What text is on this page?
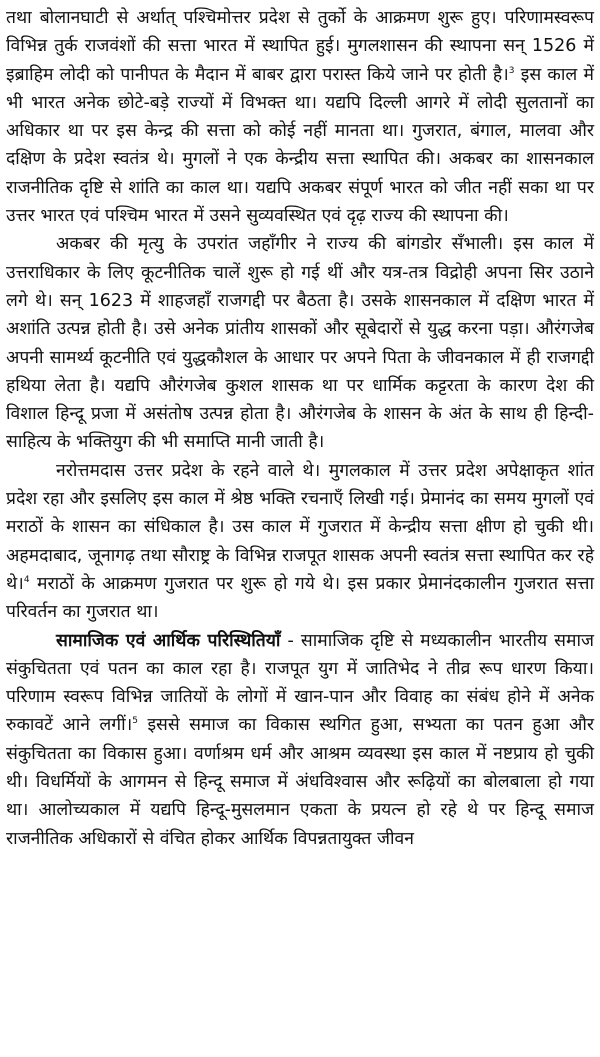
तथा बोलानघाटी से अर्थात् पश्चिमोत्तर प्रदेश से तुर्को के आक्रमण शुरू हुए। परिणामस्वरूप विभिन्न तुर्क राजवंशों की सत्ता भारत में स्थापित हुई। मुगलशासन की स्थापना सन् 1526 में इब्राहिम लोदी को पानीपत के मैदान में बाबर द्वारा परास्त किये जाने पर होती है।$^3$ इस काल में भी भारत अनेक छोटे-बड़े राज्यों में विभक्त था। यद्यपि दिल्ली आगरे में लोदी सुलतानों का अधिकार था पर इस केन्द्र की सत्ता को कोई नहीं मानता था। गुजरात, बंगाल, मालवा और दक्षिण के प्रदेश स्वतंत्र थे। मुगलों ने एक केन्द्रीय सत्ता स्थापित की। अकबर का शासनकाल राजनीतिक दृष्टि से शांति का काल था। यद्यपि अकबर संपूर्ण भारत को जीत नहीं सका था पर उत्तर भारत एवं पश्चिम भारत में उसने सुव्यवस्थित एवं दृढ़ राज्य की स्थापना की।

अकबर की मृत्यु के उपरांत जहाँगीर ने राज्य की बांगडोर सँभाली। इस काल में उत्तराधिकार के लिए कूटनीतिक चालें शुरू हो गई थीं और यत्र-तत्र विद्रोही अपना सिर उठाने लगे थे। सन् 1623 में शाहजहाँ राजगद्दी पर बैठता है। उसके शासनकाल में दक्षिण भारत में अशांति उत्पन्न होती है। उसे अनेक प्रांतीय शासकों और सूबेदारों से युद्ध करना पड़ा। औरंगजेब अपनी सामर्थ्य कूटनीति एवं युद्धकौशल के आधार पर अपने पिता के जीवनकाल में ही राजगद्दी हथिया लेता है। यद्यपि औरंगजेब कुशल शासक था पर धार्मिक कट्टरता के कारण देश की विशाल हिन्दू प्रजा में असंतोष उत्पन्न होता है। औरंगजेब के शासन के अंत के साथ ही हिन्दी-साहित्य के भक्तियुग की भी समाप्ति मानी जाती है।

नरोत्तमदास उत्तर प्रदेश के रहने वाले थे। मुगलकाल में उत्तर प्रदेश अपेक्षाकृत शांत प्रदेश रहा और इसलिए इस काल में श्रेष्ठ भक्ति रचनाएँ लिखी गई। प्रेमानंद का समय मुगलों एवं मराठों के शासन का संधिकाल है। उस काल में गुजरात में केन्द्रीय सत्ता क्षीण हो चुकी थी। अहमदाबाद, जूनागढ़ तथा सौराष्ट्र के विभिन्न राजपूत शासक अपनी स्वतंत्र सत्ता स्थापित कर रहे थे।$^4$ मराठों के आक्रमण गुजरात पर शुरू हो गये थे। इस प्रकार प्रेमानंदकालीन गुजरात सत्ता परिवर्तन का गुजरात था।

सामाजिक एवं आर्थिक परिस्थितियाँ - सामाजिक दृष्टि से मध्यकालीन भारतीय समाज संकुचितता एवं पतन का काल रहा है। राजपूत युग में जातिभेद ने तीव्र रूप धारण किया। परिणाम स्वरूप विभिन्न जातियों के लोगों में खान-पान और विवाह का संबंध होने में अनेक रुकावटें आने लगीं।$^5$ इससे समाज का विकास स्थगित हुआ, सभ्यता का पतन हुआ और संकुचितता का विकास हुआ। वर्णाश्रम धर्म और आश्रम व्यवस्था इस काल में नष्टप्राय हो चुकी थी। विधर्मियों के आगमन से हिन्दू समाज में अंधविश्वास और रूढ़ियों का बोलबाला हो गया था। आलोच्यकाल में यद्यपि हिन्दू-मुसलमान एकता के प्रयत्न हो रहे थे पर हिन्दू समाज राजनीतिक अधिकारों से वंचित होकर आर्थिक विपन्नतायुक्त जीवन
